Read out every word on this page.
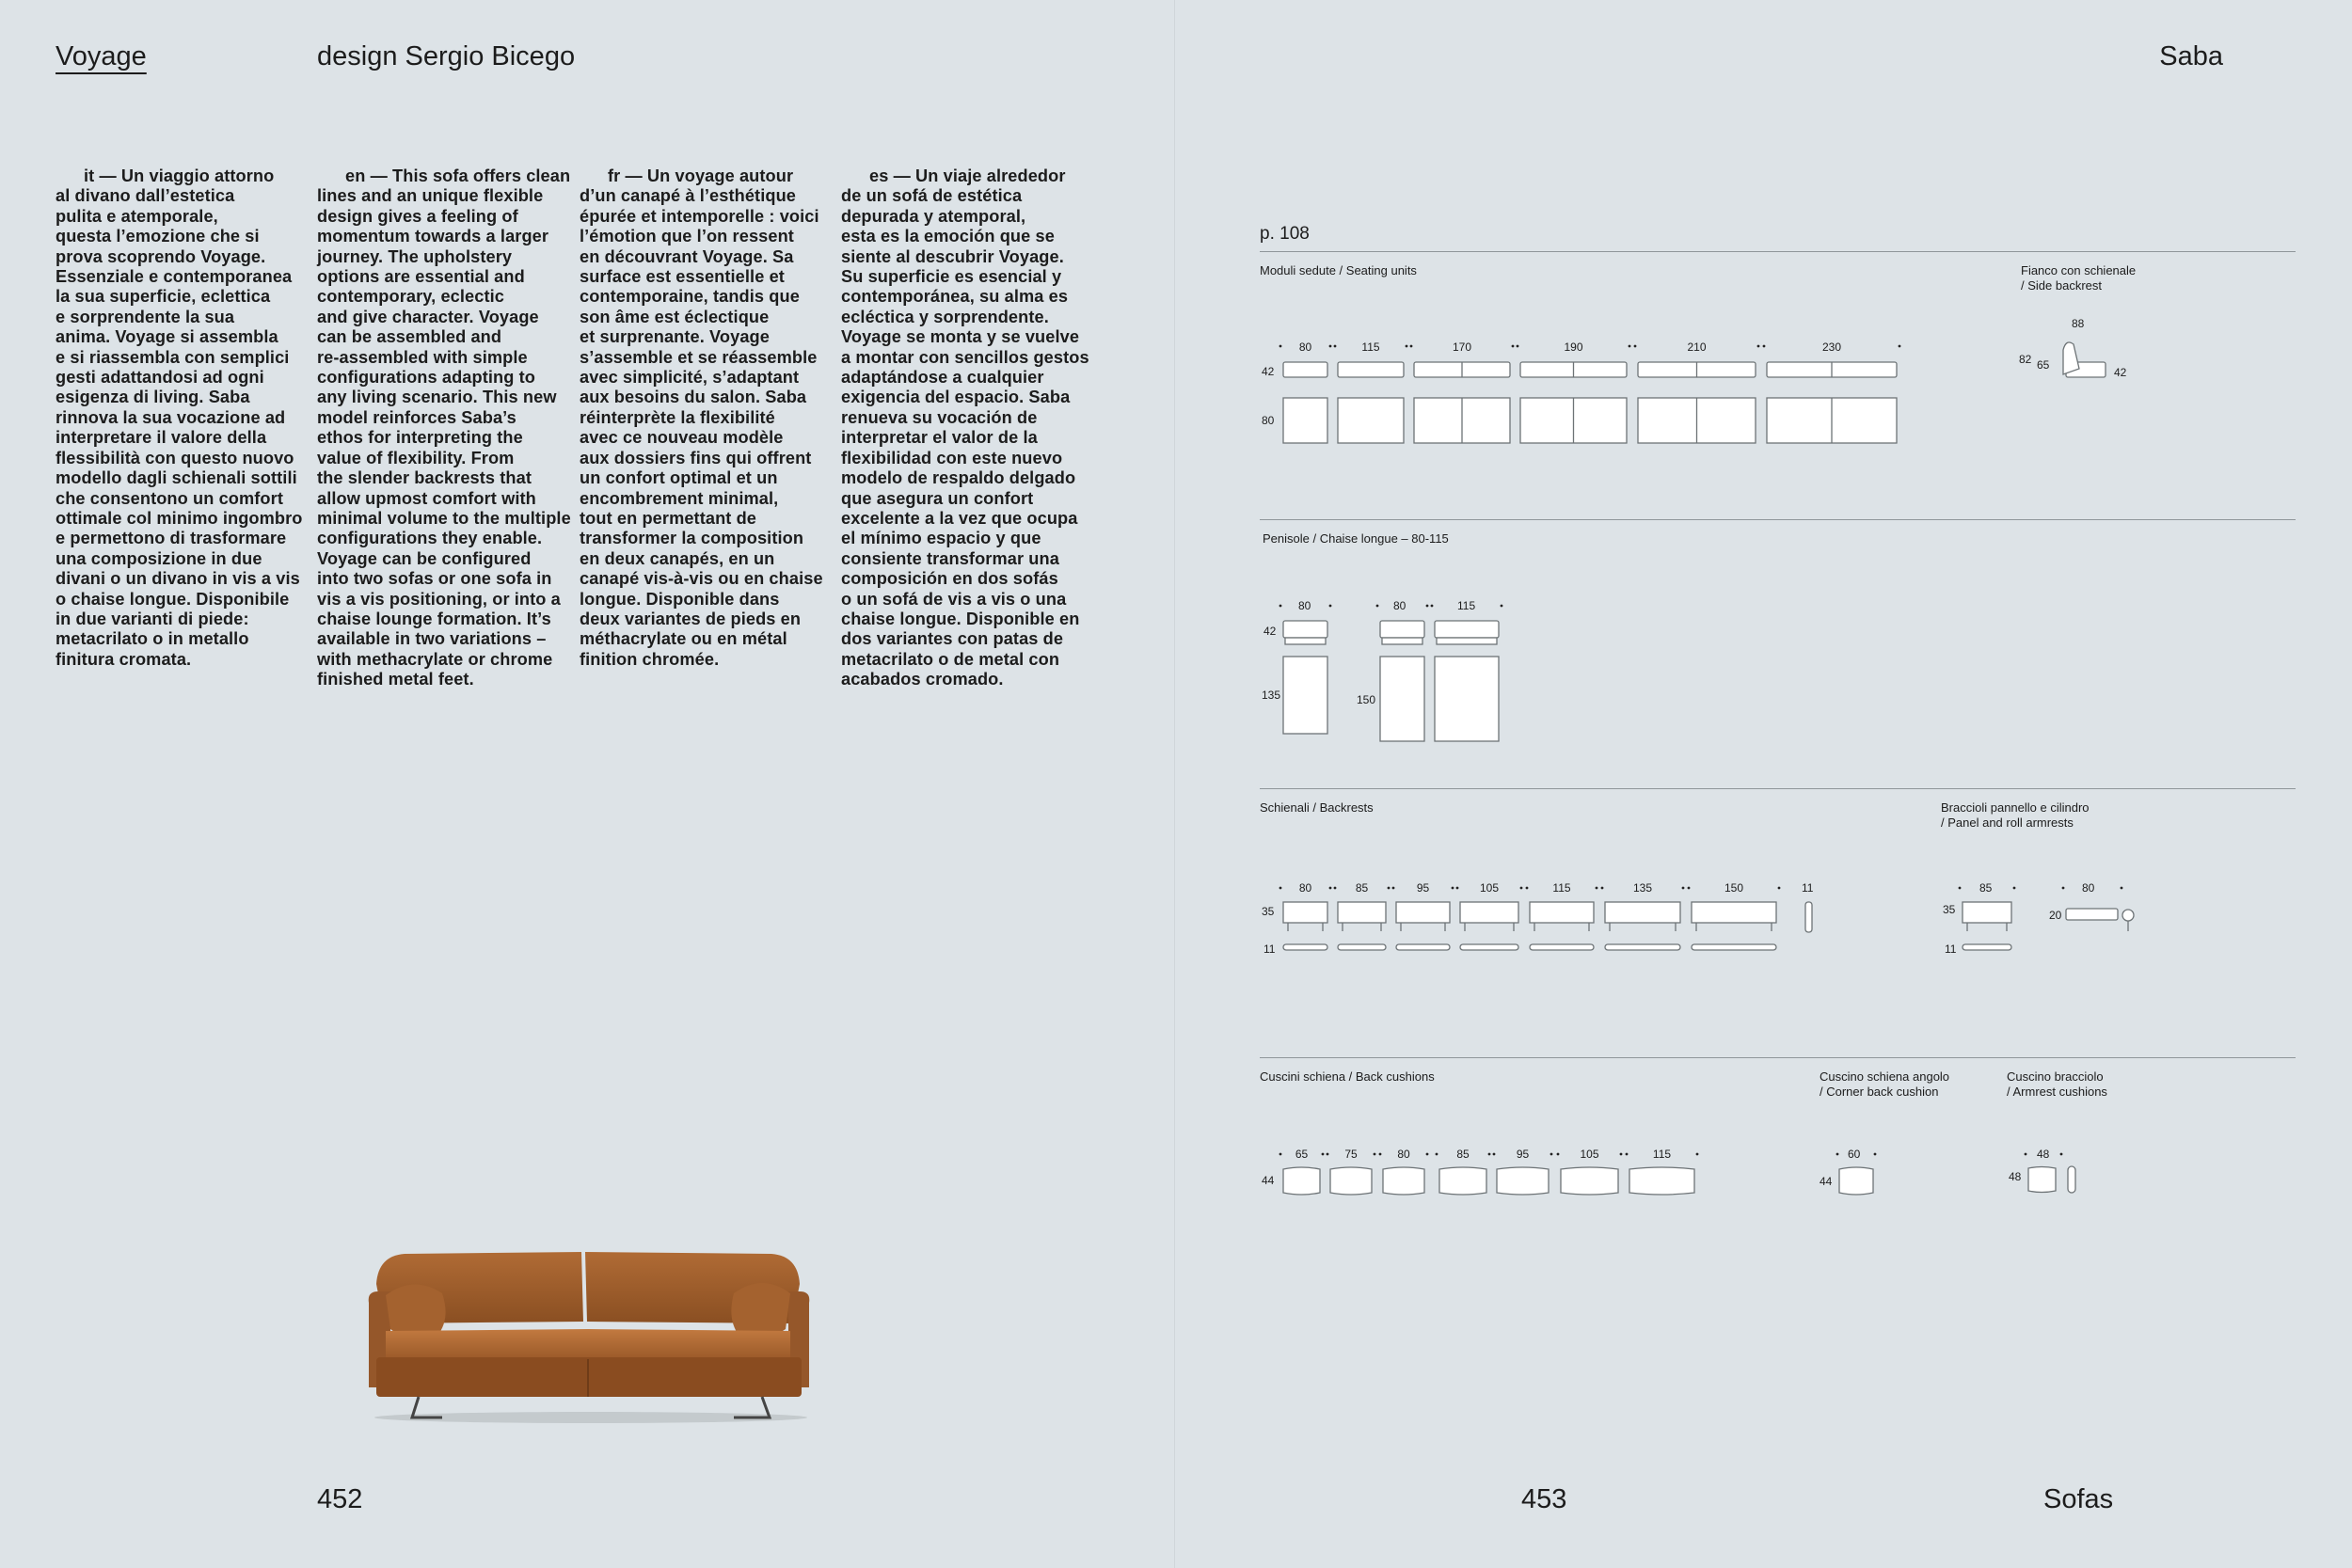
Voyage	design Sergio Bicego	Saba
it — Un viaggio attorno
al divano dall’estetica
pulita e atemporale,
questa l’emozione che si
prova scoprendo Voyage.
Essenziale e contemporanea
la sua superficie, eclettica
e sorprendente la sua
anima. Voyage si assembla
e si riassembla con semplici
gesti adattandosi ad ogni
esigenza di living. Saba
rinnova la sua vocazione ad
interpretare il valore della
flessibilità con questo nuovo
modello dagli schienali sottili
che consentono un comfort
ottimale col minimo ingombro
e permettono di trasformare
una composizione in due
divani o un divano in vis a vis
o chaise longue. Disponibile
in due varianti di piede:
metacrilato o in metallo
finitura cromata.
en — This sofa offers clean
lines and an unique flexible
design gives a feeling of
momentum towards a larger
journey. The upholstery
options are essential and
contemporary, eclectic
and give character. Voyage
can be assembled and
re-assembled with simple
configurations adapting to
any living scenario. This new
model reinforces Saba’s
ethos for interpreting the
value of flexibility. From
the slender backrests that
allow upmost comfort with
minimal volume to the multiple
configurations they enable.
Voyage can be configured
into two sofas or one sofa in
vis a vis positioning, or into a
chaise lounge formation. It’s
available in two variations –
with methacrylate or chrome
finished metal feet.
fr — Un voyage autour
d’un canapé à l’esthétique
épurée et intemporelle : voici
l’émotion que l’on ressent
en découvrant Voyage. Sa
surface est essentielle et
contemporaine, tandis que
son âme est éclectique
et surprenante. Voyage
s’assemble et se réassemble
avec simplicité, s’adaptant
aux besoins du salon. Saba
réinterprète la flexibilité
avec ce nouveau modèle
aux dossiers fins qui offrent
un confort optimal et un
encombrement minimal,
tout en permettant de
transformer la composition
en deux canapés, en un
canapé vis-à-vis ou en chaise
longue. Disponible dans
deux variantes de pieds en
méthacrylate ou en métal
finition chromée.
es — Un viaje alrededor
de un sofá de estética
depurada y atemporal,
esta es la emoción que se
siente al descubrir Voyage.
Su superficie es esencial y
contemporánea, su alma es
ecléctica y sorprendente.
Voyage se monta y se vuelve
a montar con sencillos gestos
adaptándose a cualquier
exigencia del espacio. Saba
renueva su vocación de
interpretar el valor de la
flexibilidad con este nuevo
modelo de respaldo delgado
que asegura un confort
excelente a la vez que ocupa
el mínimo espacio y que
consiente transformar una
composición en dos sofás
o un sofá de vis a vis o una
chaise longue. Disponible en
dos variantes con patas de
metacrilato o de metal con
acabados cromado.
452	453	Sofas
p. 108
Moduli sedute / Seating units	Fianco con schienale
/ Side backrest
Penisole / Chaise longue – 80-115
Schienali / Backrests	Braccioli pannello e cilindro
/ Panel and roll armrests
Cuscini schiena / Back cushions	Cuscino schiena angolo
/ Corner back cushion
Cuscino bracciolo
/ Armrest cushions
42
80
88
82 65
42
80	80	115
42
135	150
11
35
11
85	80
35
11
20
44
60
44
48
48
80	115	170	190	210	230
80	85	95	105	115	135	150
65	75	80	85	95	105	115
